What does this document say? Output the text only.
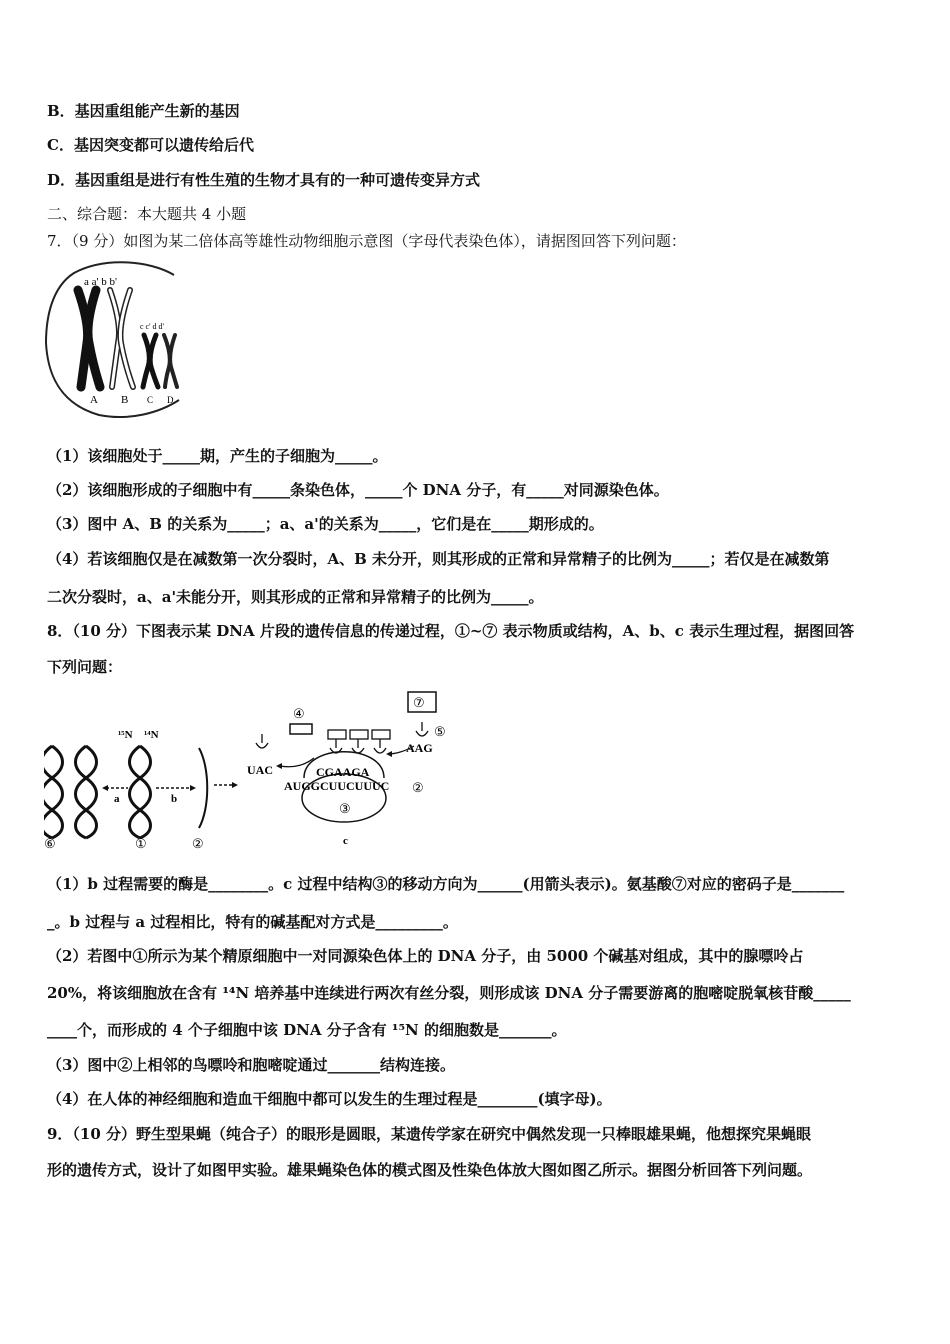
B．基因重组能产生新的基因
C．基因突变都可以遗传给后代
D．基因重组是进行有性生殖的生物才具有的一种可遗传变异方式
二、综合题：本大题共 4 小题
7．（9 分）如图为某二倍体高等雄性动物细胞示意图（字母代表染色体），请据图回答下列问题：
a a' b b'
c c' d d'
A B C D
（1）该细胞处于_____期，产生的子细胞为_____。
（2）该细胞形成的子细胞中有_____条染色体，_____个 DNA 分子，有_____对同源染色体。
（3）图中 A、B 的关系为_____；a、a'的关系为_____，它们是在_____期形成的。
（4）若该细胞仅是在减数第一次分裂时，A、B 未分开，则其形成的正常和异常精子的比例为_____；若仅是在减数第
二次分裂时，a、a'未能分开，则其形成的正常和异常精子的比例为_____。
8．（10 分）下图表示某 DNA 片段的遗传信息的传递过程，①~⑦ 表示物质或结构，A、b、c 表示生理过程，据图回答
下列问题：
¹⁵N ¹⁴N
a	b
⑥	①	②
③
④
⑦
⑤
UAC
AAG
CGAAGA
AUGGCUUCUUUC ②
c
（1）b 过程需要的酶是________。c 过程中结构③的移动方向为______(用箭头表示)。氨基酸⑦对应的密码子是_______
_。b 过程与 a 过程相比，特有的碱基配对方式是_________。
（2）若图中①所示为某个精原细胞中一对同源染色体上的 DNA 分子，由 5000 个碱基对组成，其中的腺嘌呤占
20%，将该细胞放在含有 ¹⁴N 培养基中连续进行两次有丝分裂，则形成该 DNA 分子需要游离的胞嘧啶脱氧核苷酸_____
____个，而形成的 4 个子细胞中该 DNA 分子含有 ¹⁵N 的细胞数是_______。
（3）图中②上相邻的鸟嘌呤和胞嘧啶通过_______结构连接。
（4）在人体的神经细胞和造血干细胞中都可以发生的生理过程是________(填字母)。
9．（10 分）野生型果蝇（纯合子）的眼形是圆眼，某遗传学家在研究中偶然发现一只棒眼雄果蝇，他想探究果蝇眼
形的遗传方式，设计了如图甲实验。雄果蝇染色体的模式图及性染色体放大图如图乙所示。据图分析回答下列问题。
